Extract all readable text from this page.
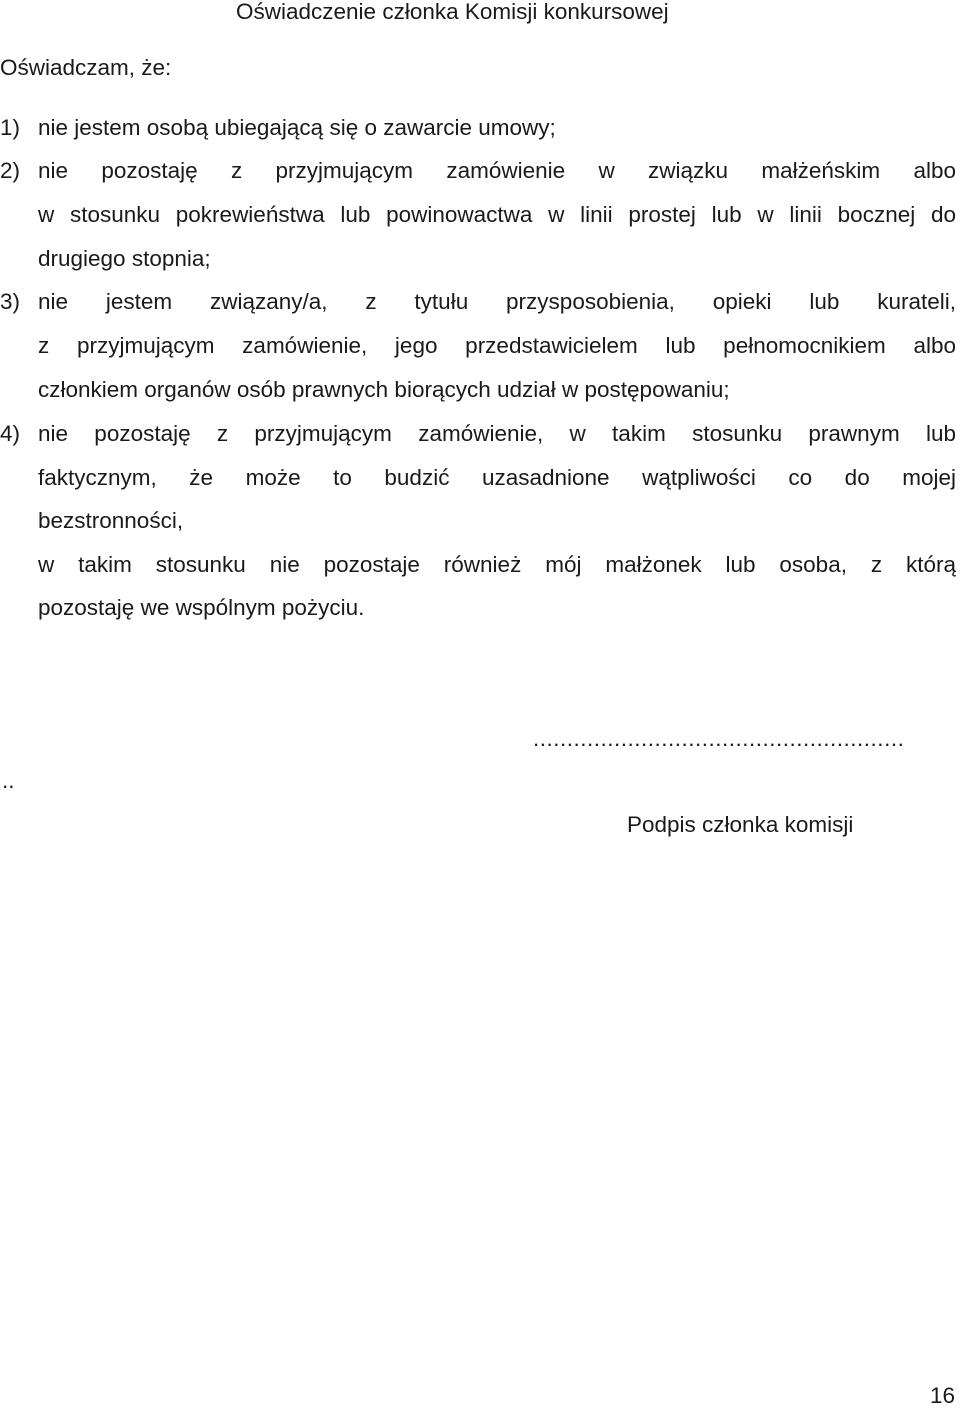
Oświadczenie członka Komisji konkursowej
Oświadczam, że:
1) nie jestem osobą ubiegającą się o zawarcie umowy;
2) nie pozostaję z przyjmującym zamówienie w związku małżeńskim albo
w stosunku pokrewieństwa lub powinowactwa w linii prostej lub w linii bocznej do
drugiego stopnia;
3) nie jestem związany/a, z tytułu przysposobienia, opieki lub kurateli,
z przyjmującym zamówienie, jego przedstawicielem lub pełnomocnikiem albo
członkiem organów osób prawnych biorących udział w postępowaniu;
4) nie pozostaję z przyjmującym zamówienie, w takim stosunku prawnym lub
faktycznym, że może to budzić uzasadnione wątpliwości co do mojej
bezstronności,
w takim stosunku nie pozostaje również mój małżonek lub osoba, z którą
pozostaję we wspólnym pożyciu.
.......................................................
..
Podpis członka komisji
16
